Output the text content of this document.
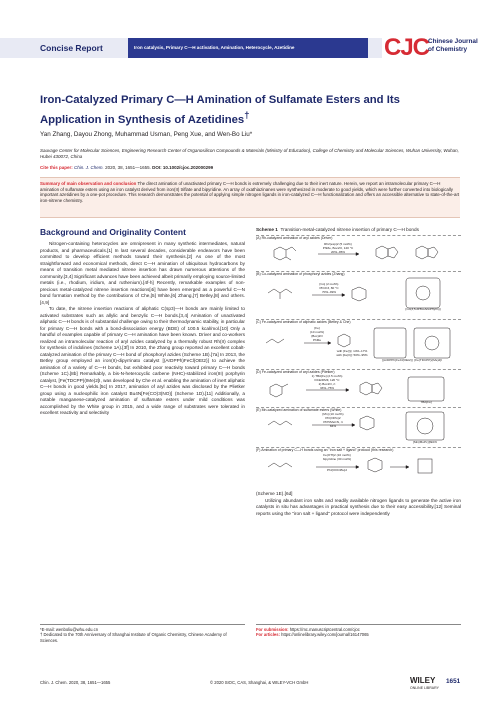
Concise Report	Iron catalysis, Primary C—H activation, Amination, Heterocycle, Azetidine	CJC
Chinese Journal
of Chemistry
Iron-Catalyzed Primary C—H Amination of Sulfamate Esters and Its Application in Synthesis of Azetidines†
Yan Zhang, Dayou Zhong, Muhammad Usman, Peng Xue, and Wen-Bo Liu*
Sauvage Center for Molecular Sciences, Engineering Research Center of Organosilicon Compounds & Materials (Ministry of Education), College of Chemistry and Molecular Sciences, Wuhan University, Wuhan, Hubei 430072, China
Cite this paper: Chin. J. Chem. 2020, 38, 1651—1655. DOI: 10.1002/cjoc.202000299
Summary of main observation and conclusion The direct amination of unactivated primary C—H bonds is extremely challenging due to their inert nature. Herein, we report an intramolecular primary C—H amination of sulfamate esters using an iron catalyst derived from iron(II) triflate and bipyridine. An array of oxathiazinanes were synthesized in moderate to good yields, which were further converted into biologically important azetidines by a one-pot procedure. This research demonstrates the potential of applying simple nitrogen ligands in iron-catalyzed C—H functionalization and offers an accessible alternative to state-of-the-art iron-nitrene chemistry.
Background and Originality Content

Nitrogen-containing heterocycles are omnipresent in many synthetic intermediates, natural products, and pharmaceuticals.[1] In last several decades, considerable endeavors have been committed to develop efficient methods toward their synthesis.[2] As one of the most straightforward and economical methods, direct C—H amination of ubiquitous hydrocarbons by means of transition metal mediated nitrene insertion has drawn numerous attentions of the community.[3,4] Significant advances have been achieved albeit primarily employing source-limited metals (i.e., rhodium, iridium, and ruthenium).[4f-h] Recently, remarkable examples of non-precious metal-catalyzed nitrene insertion reactions[4i] have been emerged as a powerful C—N bond formation method by the contributions of Che,[5] White,[6] Zhang,[7] Betley,[8] and others.[4,9]

To date, the nitrene insertion reactions of aliphatic C(sp3)—H bonds are mainly limited to activated substrates such as allylic and benzylic C—H bonds.[3,4] Amination of unactivated aliphatic C—H bonds is of substantial challenge owing to their thermodynamic stability, in particular for primary C—H bonds with a bond-dissociation energy (BDE) of 100.5 kcal/mol.[10] Only a handful of examples capable of primary C—H amination have been known. Driver and co-workers realized an intramolecular reaction of aryl azides catalyzed by a thermally robust Rh(II) complex for synthesis of indolines (Scheme 1A).[3f] In 2010, the Zhang group reported an excellent cobalt-catalyzed amination of the primary C—H bond of phosphoryl azides (Scheme 1B).[7a] In 2013, the Betley group employed an iron(II)-dipyrrinato catalyst [(ArDPPh)FeCl(OEt2)] to achieve the amination of a variety of C—H bonds, but exhibited poor reactivity toward primary C—H bonds (Scheme 1C).[8b] Remarkably, a bis-N-heterocyclic carbene (NHC)-stabilized iron(III) porphyrin catalyst, [Fe(TDCPP)(IMe)2]I, was developed by Che et al. enabling the amination of inert aliphatic C—H bonds in good yields.[5c] In 2017, amination of aryl azides was disclosed by the Plietker group using a nucleophilic iron catalyst Bu4N[Fe(CO)3(NO)] (Scheme 1D).[11] Additionally, a notable manganese-catalyzed amination of sulfamate esters under mild conditions was accomplished by the White group in 2015, and a wide range of substrates were tolerated in excellent reactivity and selectivity

Scheme 1 Transition-metal-catalyzed nitrene insertion of primary C—H bonds
(A) Rh-catalyzed amination of aryl azides (Driver)
Rh2(esp)2 (5 mol%)
PhMe, Boc2O, 120 °C
20%–95%
(B) Co-catalyzed amination of phosphoryl azides (Zhang)
[Co] (2 mol%)
PhCF3, 80 °C
70%–99%
[Co(3,5-di'Bu-AcePhyrin)]
(C) Fe-catalyzed amination of aliphatic azides (Betley & Che)
[Fe]
(10 mol%)
(Boc)2O
PhMe
with [Fe(I)]: 14%–17%
with [Fe(II)]: 50%–95%
[(ArDPPh)FeCl(OEt2)] [Fe(TDCPP)(IMe)2]I
(D) Fe-catalyzed amination of aryl azides (Plietker)
1) TBA[Fe] (2.5 mol%)
DCE/DMF, 120 °C
2) Boc2O, rt
33%–75%
TBA[Fe]
(E) Mn-catalyzed amination of sulfamate esters (White)
[Mn] (10 mol%)
PhI(OPiv)2
PhH/MeCN, rt
84%
[Mn(tBuPc)]SbF6
(F) Amination of primary C—H bonds using an "iron salt + ligand" protocol (this research)
Fe(OTf)2 (10 mol%)
bipyridine (30 mol%)
PhI(OOCtBu)2
(Scheme 1E).[6d]

Utilizing abundant iron salts and readily available nitrogen ligands to generate the active iron catalysts in situ has advantages in practical synthesis due to their easy accessibility.[12] Seminal reports using the "iron salt + ligand" protocol were independently

*E-mail: wenboliu@whu.edu.cn
† Dedicated to the 70th Anniversary of Shanghai Institute of Organic Chemistry, Chinese Academy of Sciences.
For submission: https://mc.manuscriptcentral.com/cjoc
For articles: https://onlinelibrary.wiley.com/journal/16147065
Chin. J. Chem. 2020, 38, 1651—1655	© 2020 SIOC, CAS, Shanghai, & WILEY-VCH GmbH	WILEY
ONLINE LIBRARY
1651
